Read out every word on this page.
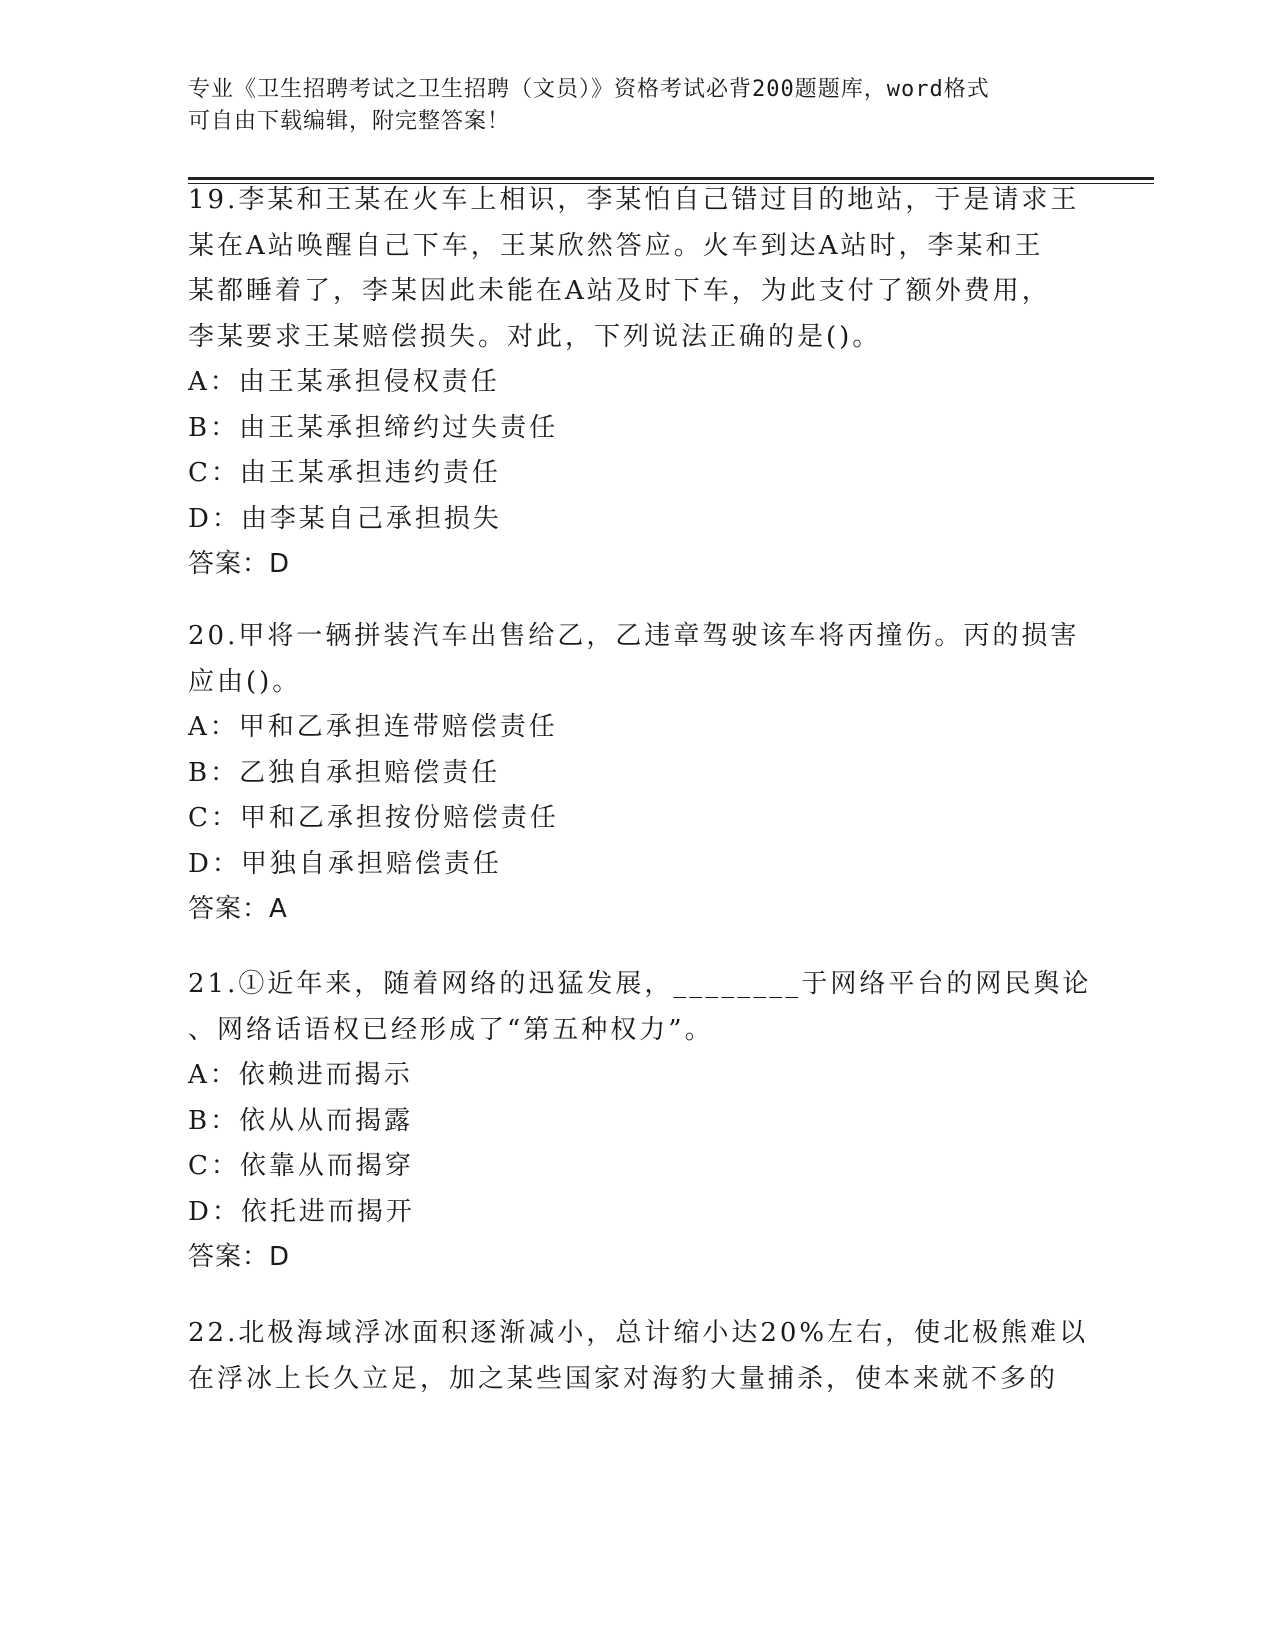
专业《卫生招聘考试之卫生招聘（文员）》资格考试必背200题题库，word格式
可自由下载编辑，附完整答案！
19.李某和王某在火车上相识，李某怕自己错过目的地站，于是请求王
某在A站唤醒自己下车，王某欣然答应。火车到达A站时，李某和王
某都睡着了，李某因此未能在A站及时下车，为此支付了额外费用，
李某要求王某赔偿损失。对此，下列说法正确的是()。
A：由王某承担侵权责任
B：由王某承担缔约过失责任
C：由王某承担违约责任
D：由李某自己承担损失
答案：D
20.甲将一辆拼装汽车出售给乙，乙违章驾驶该车将丙撞伤。丙的损害
应由()。
A：甲和乙承担连带赔偿责任
B：乙独自承担赔偿责任
C：甲和乙承担按份赔偿责任
D：甲独自承担赔偿责任
答案：A
21.①近年来，随着网络的迅猛发展，________于网络平台的网民舆论
、网络话语权已经形成了“第五种权力”。
A：依赖进而揭示
B：依从从而揭露
C：依靠从而揭穿
D：依托进而揭开
答案：D
22.北极海域浮冰面积逐渐减小，总计缩小达20%左右，使北极熊难以
在浮冰上长久立足，加之某些国家对海豹大量捕杀，使本来就不多的
